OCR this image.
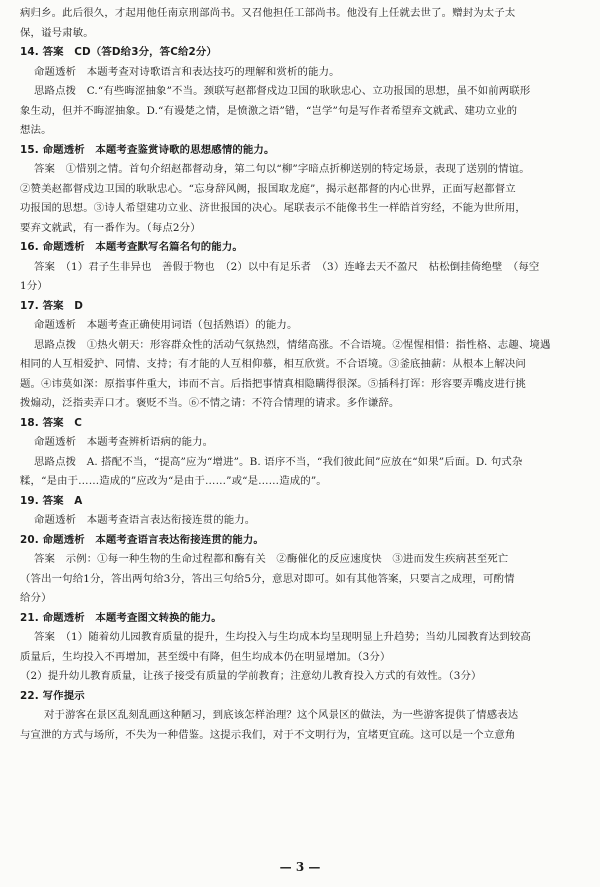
病归乡。此后很久，才起用他任南京刑部尚书。又召他担任工部尚书。他没有上任就去世了。赠封为太子太

保，谥号肃敏。

14. 答案　CD（答D给3分，答C给2分）

命题透析　本题考查对诗歌语言和表达技巧的理解和赏析的能力。

思路点拨　C.“有些晦涩抽象”不当。颈联写赵都督戍边卫国的耿耿忠心、立功报国的思想，虽不如前两联形

象生动，但并不晦涩抽象。D.“有谩楚之情，是愤激之语”错，“岂学”句是写作者希望弃文就武、建功立业的

想法。

15. 命题透析　本题考查鉴赏诗歌的思想感情的能力。

答案　①惜别之情。首句介绍赵都督动身，第二句以“柳”字暗点折柳送别的特定场景，表现了送别的情谊。

②赞美赵都督戍边卫国的耿耿忠心。“忘身辞风阙，报国取龙庭”，揭示赵都督的内心世界，正面写赵都督立

功报国的思想。③诗人希望建功立业、济世报国的决心。尾联表示不能像书生一样皓首穷经，不能为世所用，

要弃文就武，有一番作为。（每点2分）

16. 命题透析　本题考查默写名篇名句的能力。

答案　（1）君子生非异也　善假于物也　（2）以中有足乐者　（3）连峰去天不盈尺　枯松倒挂倚绝壁　（每空

1分）

17. 答案　D

命题透析　本题考查正确使用词语（包括熟语）的能力。

思路点拨　①热火朝天：形容群众性的活动气氛热烈，情绪高涨。不合语境。②惺惺相惜：指性格、志趣、境遇

相同的人互相爱护、同情、支持；有才能的人互相仰慕，相互欣赏。不合语境。③釜底抽薪：从根本上解决问

题。④讳莫如深：原指事件重大，讳而不言。后指把事情真相隐瞒得很深。⑤插科打诨：形容要弄嘴皮进行挑

拨煽动，泛指卖弄口才。褒贬不当。⑥不情之请：不符合情理的请求。多作谦辞。

18. 答案　C

命题透析　本题考查辨析语病的能力。

思路点拨　A. 搭配不当，“提高”应为“增进”。B. 语序不当，“我们彼此间”应放在“如果”后面。D. 句式杂

糅，“是由于……造成的”应改为“是由于……”或“是……造成的”。

19. 答案　A

命题透析　本题考查语言表达衔接连贯的能力。

20. 命题透析　本题考查语言表达衔接连贯的能力。

答案　示例：①每一种生物的生命过程都和酶有关　②酶催化的反应速度快　③进而发生疾病甚至死亡

（答出一句给1分，答出两句给3分，答出三句给5分，意思对即可。如有其他答案，只要言之成理，可酌情

给分）

21. 命题透析　本题考查图文转换的能力。

答案　（1）随着幼儿园教育质量的提升，生均投入与生均成本均呈现明显上升趋势；当幼儿园教育达到较高

质量后，生均投入不再增加，甚至缓中有降，但生均成本仍在明显增加。（3分）

（2）提升幼儿教育质量，让孩子接受有质量的学前教育；注意幼儿教育投入方式的有效性。（3分）

22. 写作提示

对于游客在景区乱刻乱画这种陋习，到底该怎样治理？这个风景区的做法，为一些游客提供了情感表达

与宣泄的方式与场所，不失为一种借鉴。这提示我们，对于不文明行为，宜堵更宜疏。这可以是一个立意角

— 3 —
